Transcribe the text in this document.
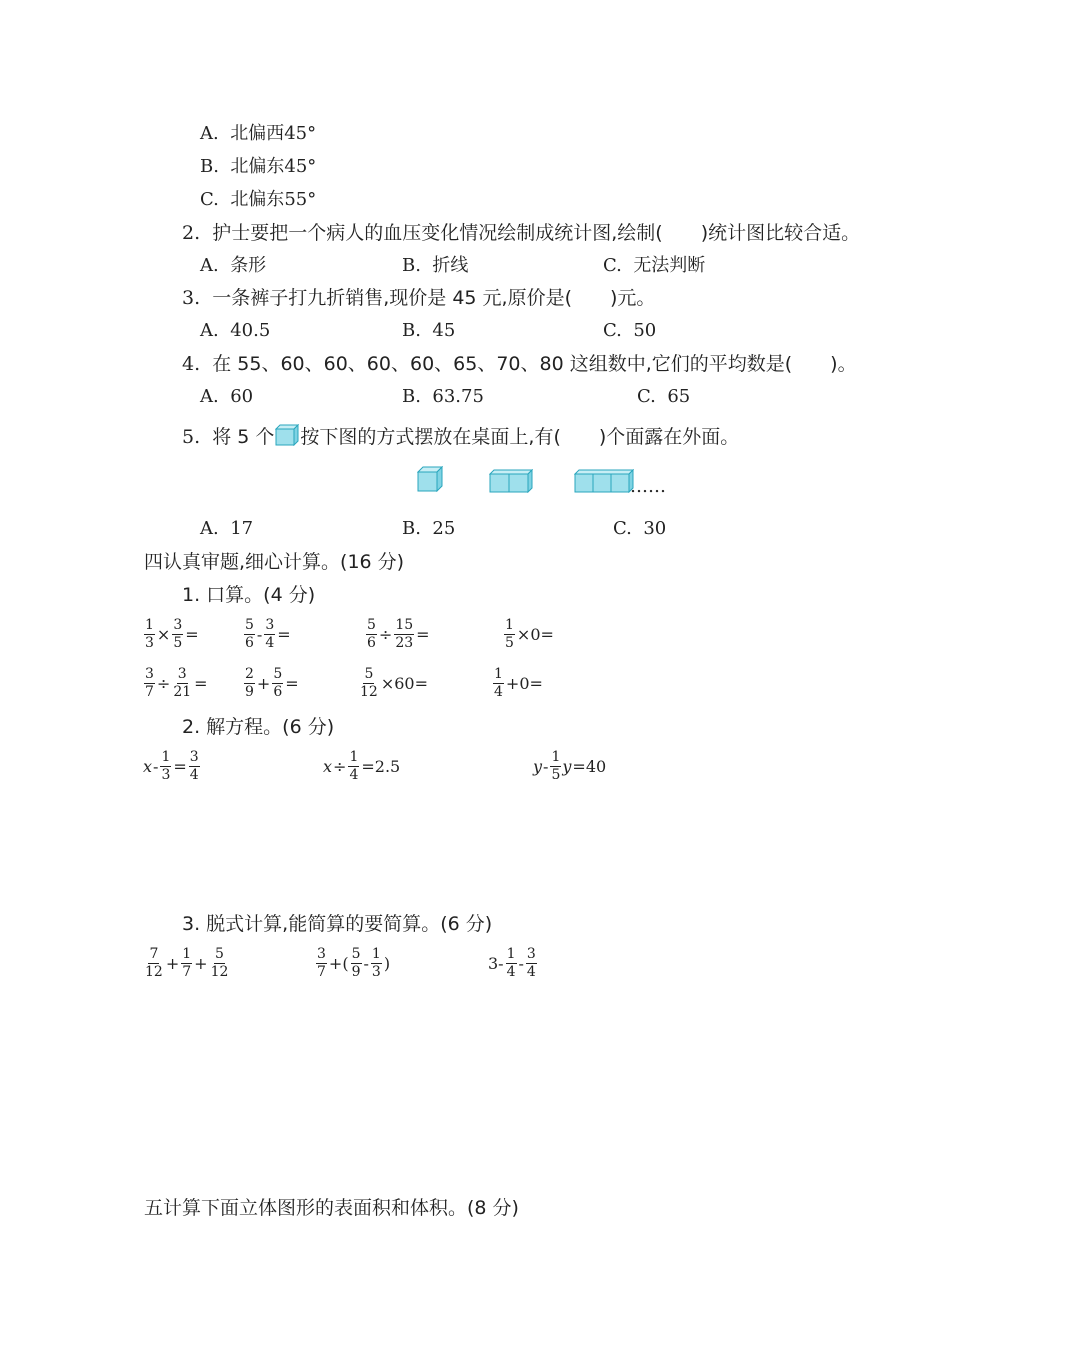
A. 北偏西45°
B. 北偏东45°
C. 北偏东55°
2. 护士要把一个病人的血压变化情况绘制成统计图,绘制(　　)统计图比较合适。
A. 条形	B. 折线	C. 无法判断
3. 一条裤子打九折销售,现价是 45 元,原价是(　　)元。
A. 40.5	B. 45	C. 50
4. 在 55、60、60、60、60、65、70、80 这组数中,它们的平均数是(　　)。
A. 60	B. 63.75	C. 65
5. 将 5 个 按下图的方式摆放在桌面上,有(　　)个面露在外面。
……
A. 17	B. 25	C. 30
四认真审题,细心计算。(16 分)
1. 口算。(4 分)
$\frac{1}{3} \times \frac{3}{5}$ =	$\frac{5}{6} - \frac{3}{4}$ =	$\frac{5}{6} \div \frac{15}{23}$ =	$\frac{1}{5} \times 0=$
$\frac{3}{7} \div \frac{3}{21}$ =	$\frac{2}{9} + \frac{5}{6}$ =	$\frac{5}{12} \times 60=$	$\frac{1}{4} +0=$
2. 解方程。(6 分)
$x - \frac{1}{3} = \frac{3}{4}$	$x \div \frac{1}{4} =2.5$	y - $\frac{1}{5}$ y =40
3. 脱式计算,能简算的要简算。(6 分)
$\frac{7}{12} + \frac{1}{7} + \frac{5}{12}$	$\frac{3}{7}$ +( $\frac{5}{9} - \frac{1}{3}$ )	$3- \frac{1}{4} - \frac{3}{4}$
五计算下面立体图形的表面积和体积。(8 分)
